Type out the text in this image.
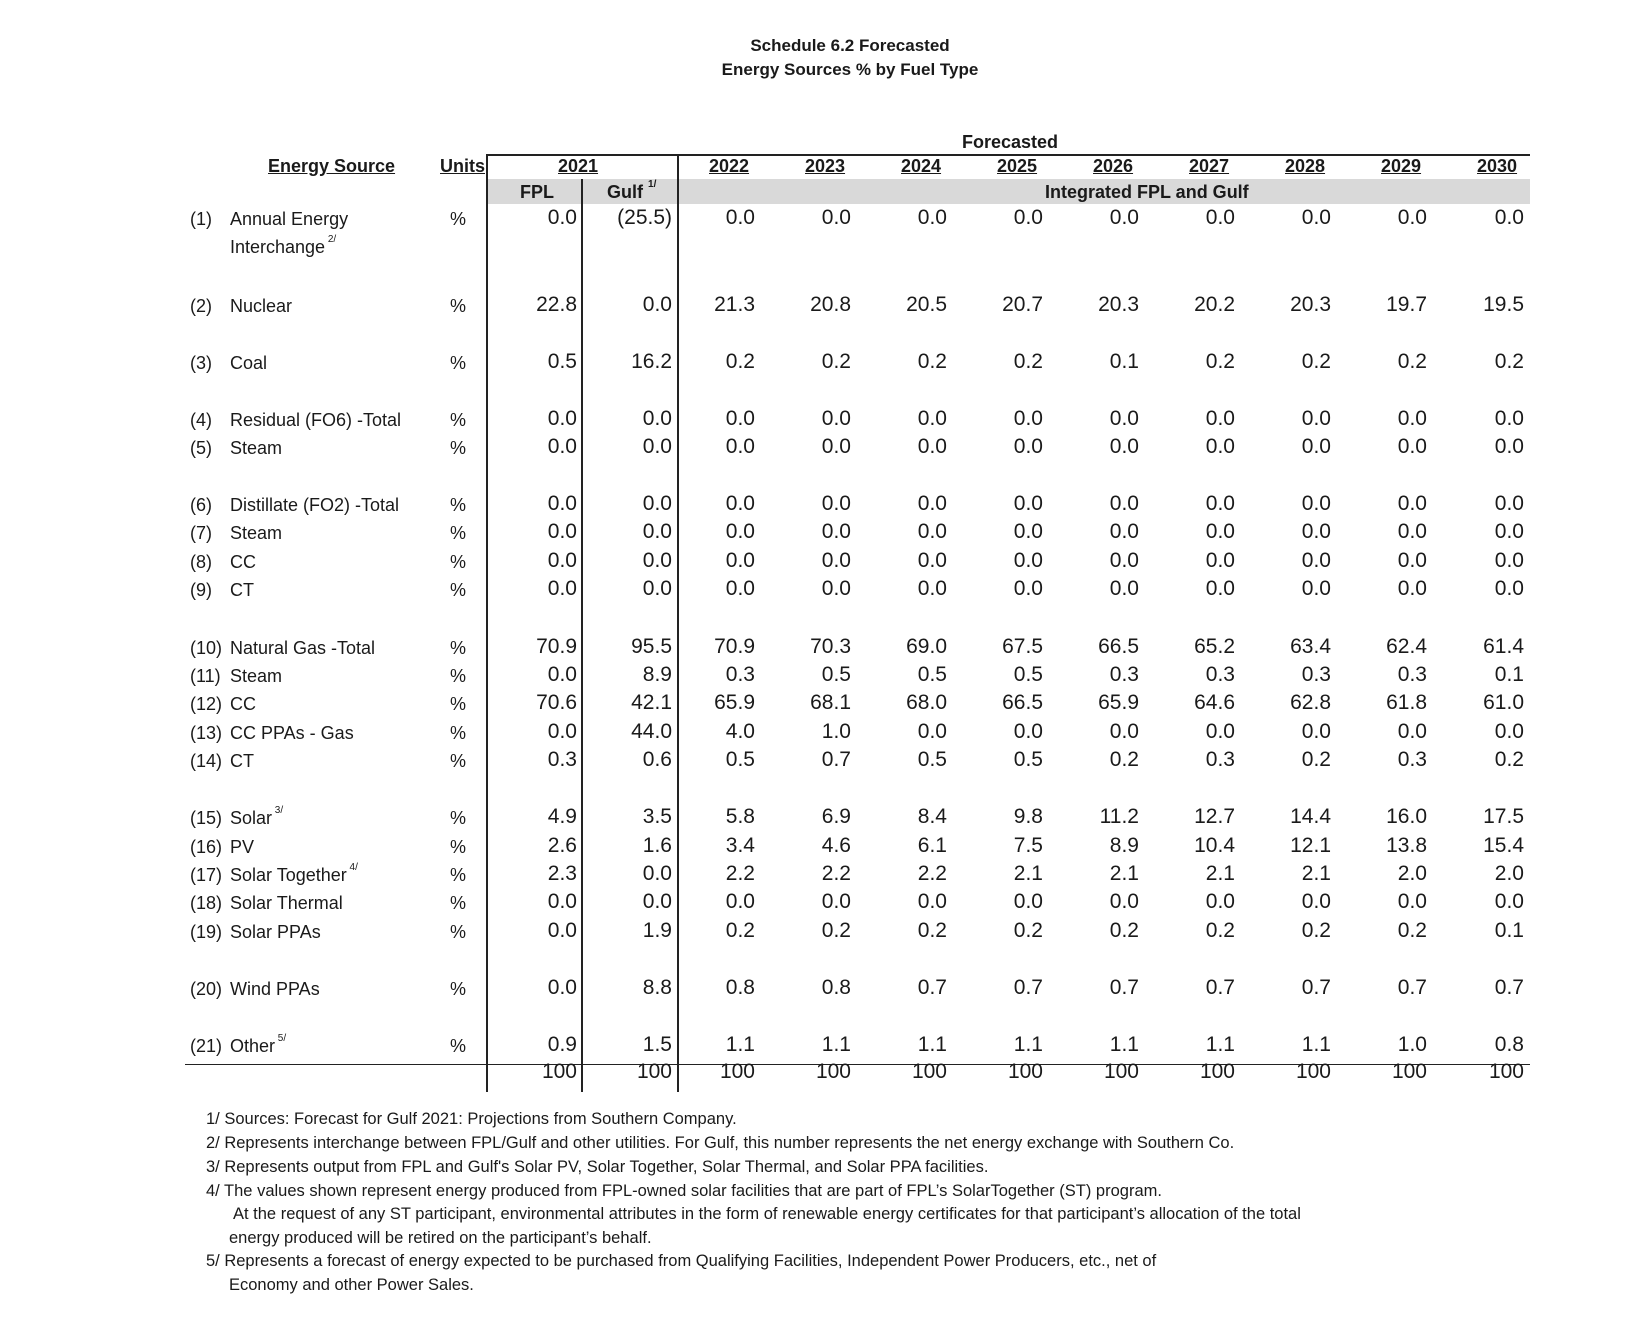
Schedule 6.2 Forecasted
Energy Sources % by Fuel Type
Forecasted
Energy Source Units	2021	2022	2023	2024	2025	2026	2027	2028	2029	2030
FPL	Gulf $^{1/}$	Integrated FPL and Gulf
(1) Annual Energy
Interchange $^{2/}$
%	0.0	(25.5)	0.0	0.0	0.0	0.0	0.0	0.0	0.0	0.0	0.0
(2) Nuclear	%	22.8	0.0	21.3	20.8	20.5	20.7	20.3	20.2	20.3	19.7	19.5
(3) Coal	%	0.5	16.2	0.2	0.2	0.2	0.2	0.1	0.2	0.2	0.2	0.2
(4) Residual (FO6) -Total	%	0.0	0.0	0.0	0.0	0.0	0.0	0.0	0.0	0.0	0.0	0.0
(5) Steam	%	0.0	0.0	0.0	0.0	0.0	0.0	0.0	0.0	0.0	0.0	0.0
(6) Distillate (FO2) -Total	%	0.0	0.0	0.0	0.0	0.0	0.0	0.0	0.0	0.0	0.0	0.0
(7) Steam	%	0.0	0.0	0.0	0.0	0.0	0.0	0.0	0.0	0.0	0.0	0.0
(8) CC	%	0.0	0.0	0.0	0.0	0.0	0.0	0.0	0.0	0.0	0.0	0.0
(9) CT	%	0.0	0.0	0.0	0.0	0.0	0.0	0.0	0.0	0.0	0.0	0.0
(10) Natural Gas -Total	%	70.9	95.5	70.9	70.3	69.0	67.5	66.5	65.2	63.4	62.4	61.4
(11) Steam	%	0.0	8.9	0.3	0.5	0.5	0.5	0.3	0.3	0.3	0.3	0.1
(12) CC	%	70.6	42.1	65.9	68.1	68.0	66.5	65.9	64.6	62.8	61.8	61.0
(13) CC PPAs - Gas	%	0.0	44.0	4.0	1.0	0.0	0.0	0.0	0.0	0.0	0.0	0.0
(14) CT	%	0.3	0.6	0.5	0.7	0.5	0.5	0.2	0.3	0.2	0.3	0.2
(15) Solar $^{3/}$	%	4.9	3.5	5.8	6.9	8.4	9.8	11.2	12.7	14.4	16.0	17.5
(16) PV	%	2.6	1.6	3.4	4.6	6.1	7.5	8.9	10.4	12.1	13.8	15.4
(17) Solar Together $^{4/}$	%	2.3	0.0	2.2	2.2	2.2	2.1	2.1	2.1	2.1	2.0	2.0
(18) Solar Thermal	%	0.0	0.0	0.0	0.0	0.0	0.0	0.0	0.0	0.0	0.0	0.0
(19) Solar PPAs	%	0.0	1.9	0.2	0.2	0.2	0.2	0.2	0.2	0.2	0.2	0.1
(20) Wind PPAs	%	0.0	8.8	0.8	0.8	0.7	0.7	0.7	0.7	0.7	0.7	0.7
(21) Other $^{5/}$	%	0.9	1.5	1.1	1.1	1.1	1.1	1.1	1.1	1.1	1.0	0.8
100	100	100	100	100	100	100	100	100	100	100
1/ Sources: Forecast for Gulf 2021: Projections from Southern Company.
2/ Represents interchange between FPL/Gulf and other utilities. For Gulf, this number represents the net energy exchange with Southern Co.
3/ Represents output from FPL and Gulf's Solar PV, Solar Together, Solar Thermal, and Solar PPA facilities.
4/ The values shown represent energy produced from FPL-owned solar facilities that are part of FPL’s SolarTogether (ST) program.
At the request of any ST participant, environmental attributes in the form of renewable energy certificates for that participant’s allocation of the total
energy produced will be retired on the participant’s behalf.
5/ Represents a forecast of energy expected to be purchased from Qualifying Facilities, Independent Power Producers, etc., net of
Economy and other Power Sales.
